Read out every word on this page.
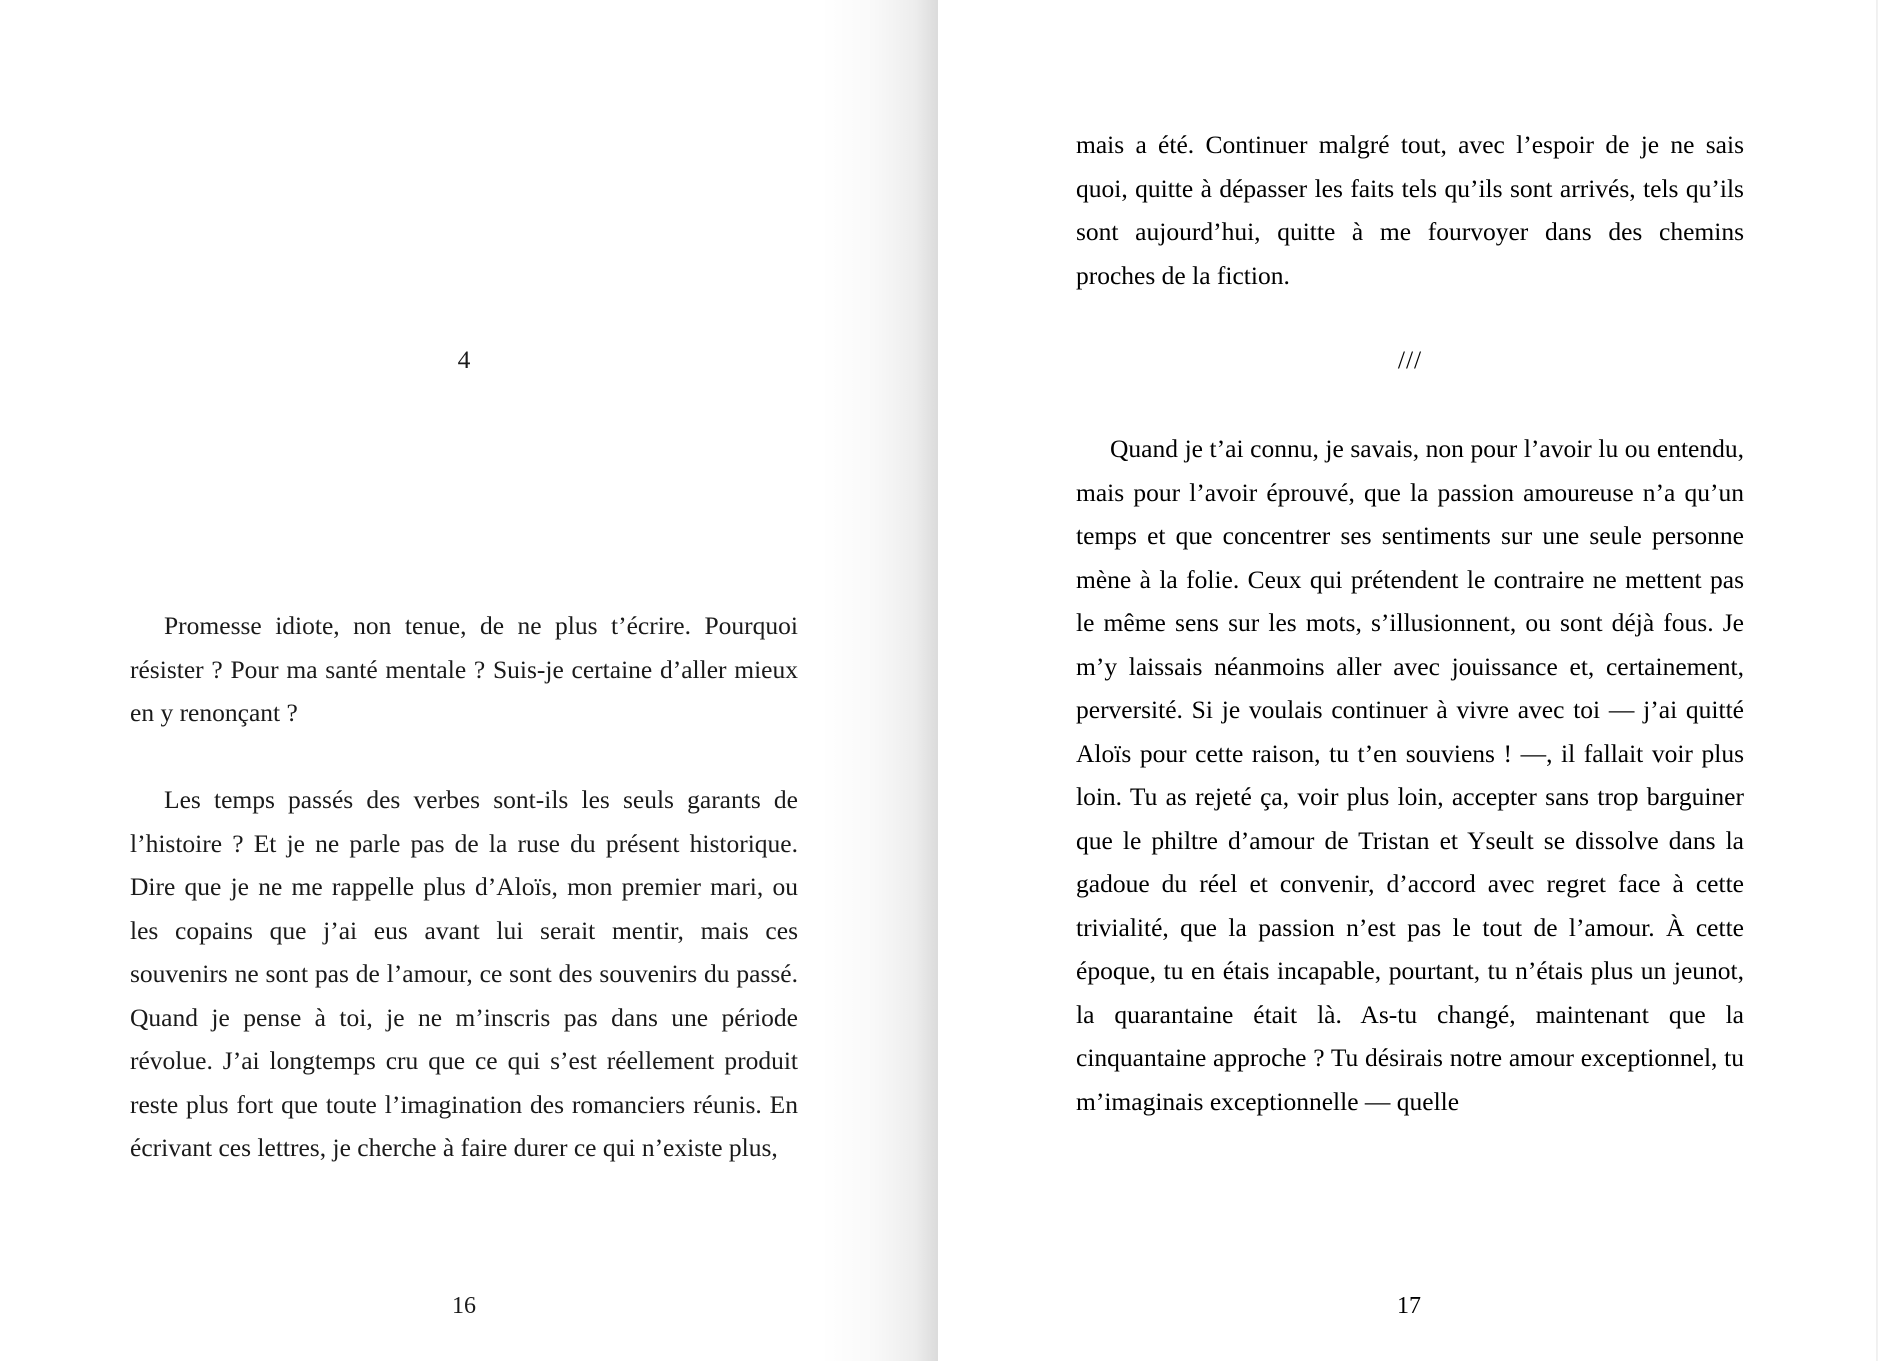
4

Promesse idiote, non tenue, de ne plus t’écrire. Pourquoi résister ? Pour ma santé mentale ? Suis-je certaine d’aller mieux en y renonçant ?

Les temps passés des verbes sont-ils les seuls garants de l’histoire ? Et je ne parle pas de la ruse du présent historique. Dire que je ne me rappelle plus d’Aloïs, mon premier mari, ou les copains que j’ai eus avant lui serait mentir, mais ces souvenirs ne sont pas de l’amour, ce sont des souvenirs du passé. Quand je pense à toi, je ne m’inscris pas dans une période révolue. J’ai longtemps cru que ce qui s’est réellement produit reste plus fort que toute l’imagination des romanciers réunis. En écrivant ces lettres, je cherche à faire durer ce qui n’existe plus,

16

mais a été. Continuer malgré tout, avec l’espoir de je ne sais quoi, quitte à dépasser les faits tels qu’ils sont arrivés, tels qu’ils sont aujourd’hui, quitte à me fourvoyer dans des chemins proches de la fiction.

///

Quand je t’ai connu, je savais, non pour l’avoir lu ou entendu, mais pour l’avoir éprouvé, que la passion amoureuse n’a qu’un temps et que concentrer ses sentiments sur une seule personne mène à la folie. Ceux qui prétendent le contraire ne mettent pas le même sens sur les mots, s’illusionnent, ou sont déjà fous. Je m’y laissais néanmoins aller avec jouissance et, certainement, perversité. Si je voulais continuer à vivre avec toi — j’ai quitté Aloïs pour cette raison, tu t’en souviens ! —, il fallait voir plus loin. Tu as rejeté ça, voir plus loin, accepter sans trop barguiner que le philtre d’amour de Tristan et Yseult se dissolve dans la gadoue du réel et convenir, d’accord avec regret face à cette trivialité, que la passion n’est pas le tout de l’amour. À cette époque, tu en étais incapable, pourtant, tu n’étais plus un jeunot, la quarantaine était là. As-tu changé, maintenant que la cinquantaine approche ? Tu désirais notre amour exceptionnel, tu m’imaginais exceptionnelle — quelle

17
